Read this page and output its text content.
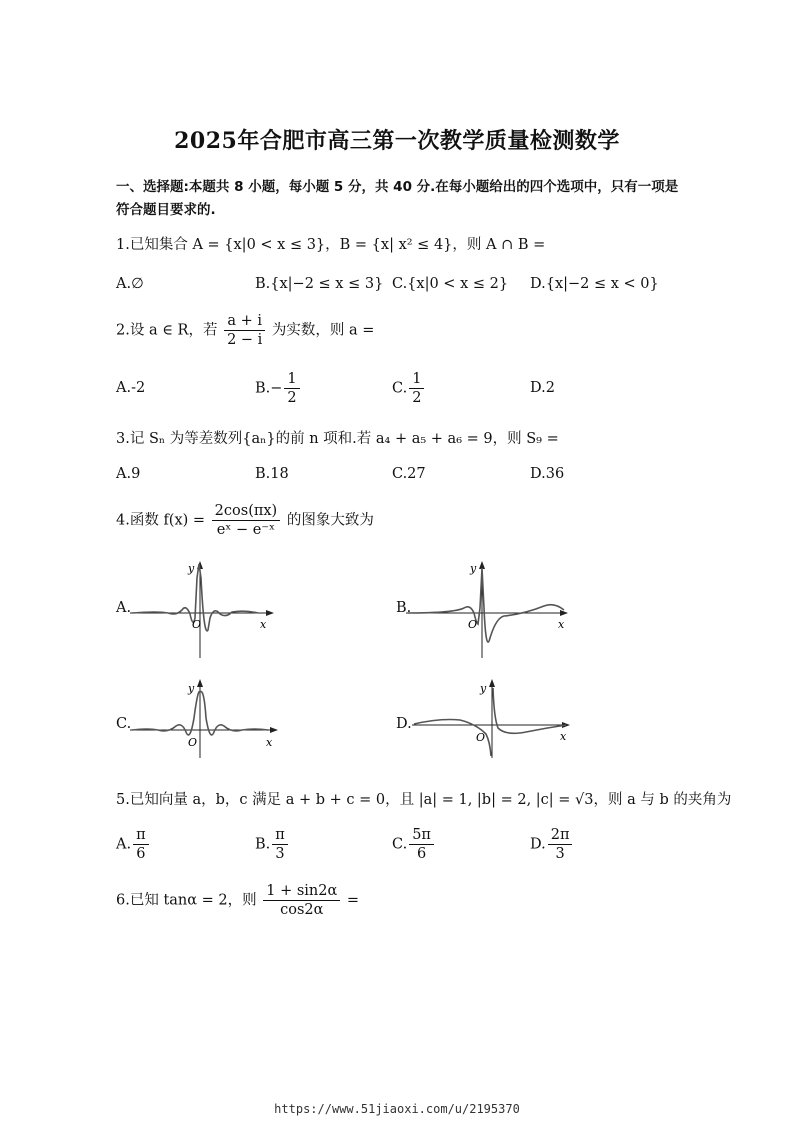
2025年合肥市高三第一次教学质量检测数学
一、选择题:本题共 8 小题，每小题 5 分，共 40 分.在每小题给出的四个选项中，只有一项是
符合题目要求的.
1.已知集合 A = {x|0 < x ≤ 3}，B = {x| x² ≤ 4}，则 A ∩ B =
A.∅	B.{x|−2 ≤ x ≤ 3} C.{x|0 < x ≤ 2} D.{x|−2 ≤ x < 0}
2.设 a ∈ R，若 $\frac{a + i}{2 - i}$ 为实数，则 a =
A.-2	$B.- \frac{1}{2}$	C. $\frac{1}{2}$	D.2
3.记 Sₙ 为等差数列{aₙ}的前 n 项和.若 a₄ + a₅ + a₆ = 9，则 S₉ =
A.9	B.18	C.27	D.36
4.函数 $f(x) = \frac{2\cos(\pi x)}{\text{eˣ − e⁻ˣ}}$ 的图象大致为
A.	B.
C.	D.
O	x
y
O	x
y
O	x
y
O	x
y
5.已知向量 a，b，c 满足 a + b + c = 0，且 |a| = 1, |b| = 2, |c| = √3，则 a 与 b 的夹角为
A. $\frac{\pi}{6}$	B. $\frac{\pi}{3}$	C. $\frac{5\pi}{6}$	D. $\frac{2\pi}{3}$
6.已知 tanα = 2，则 $\frac{1 + \sin 2\alpha}{\cos 2\alpha}$ =
https://www.51jiaoxi.com/u/2195370
